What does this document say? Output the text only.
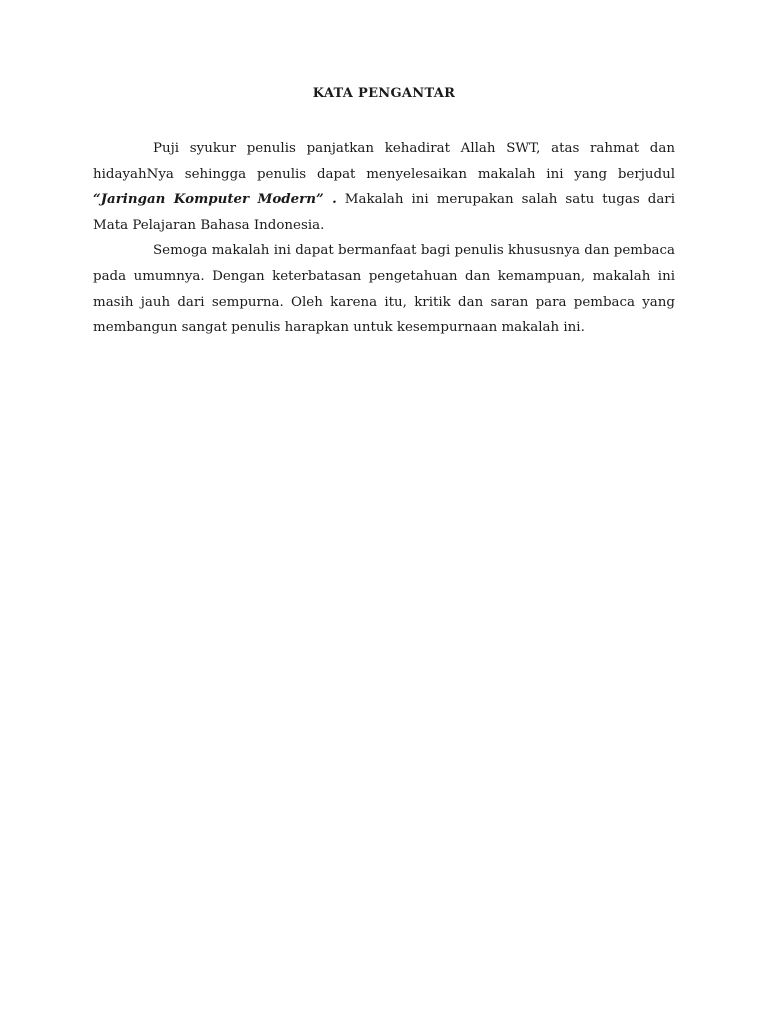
KATA PENGANTAR

Puji syukur penulis panjatkan kehadirat Allah SWT, atas rahmat dan hidayahNya sehingga penulis dapat menyelesaikan makalah ini yang berjudul “Jaringan Komputer Modern” . Makalah ini merupakan salah satu tugas dari Mata Pelajaran Bahasa Indonesia.

Semoga makalah ini dapat bermanfaat bagi penulis khususnya dan pembaca pada umumnya. Dengan keterbatasan pengetahuan dan kemampuan, makalah ini masih jauh dari sempurna. Oleh karena itu, kritik dan saran para pembaca yang membangun sangat penulis harapkan untuk kesempurnaan makalah ini.
